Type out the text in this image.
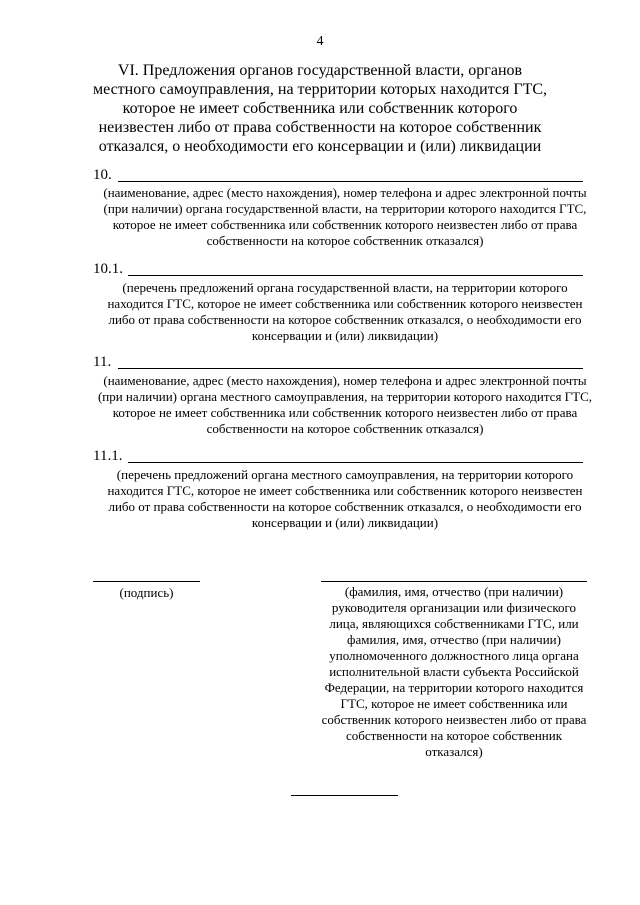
4
VI. Предложения органов государственной власти, органов местного самоуправления, на территории которых находится ГТС, которое не имеет собственника или собственник которого неизвестен либо от права собственности на которое собственник отказался, о необходимости его консервации и (или) ликвидации
10.
(наименование, адрес (место нахождения), номер телефона и адрес электронной почты (при наличии) органа государственной власти, на территории которого находится ГТС, которое не имеет собственника или собственник которого неизвестен либо от права собственности на которое собственник отказался)
10.1.
(перечень предложений органа государственной власти, на территории которого находится ГТС, которое не имеет собственника или собственник которого неизвестен либо от права собственности на которое собственник отказался, о необходимости его консервации и (или) ликвидации)
11.
(наименование, адрес (место нахождения), номер телефона и адрес электронной почты (при наличии) органа местного самоуправления, на территории которого находится ГТС, которое не имеет собственника или собственник которого неизвестен либо от права собственности на которое собственник отказался)
11.1.
(перечень предложений органа местного самоуправления, на территории которого находится ГТС, которое не имеет собственника или собственник которого неизвестен либо от права собственности на которое собственник отказался, о необходимости его консервации и (или) ликвидации)
(подпись)	(фамилия, имя, отчество (при наличии) руководителя организации или физического лица, являющихся собственниками ГТС, или фамилия, имя, отчество (при наличии) уполномоченного должностного лица органа исполнительной власти субъекта Российской Федерации, на территории которого находится ГТС, которое не имеет собственника или собственник которого неизвестен либо от права собственности на которое собственник отказался)
